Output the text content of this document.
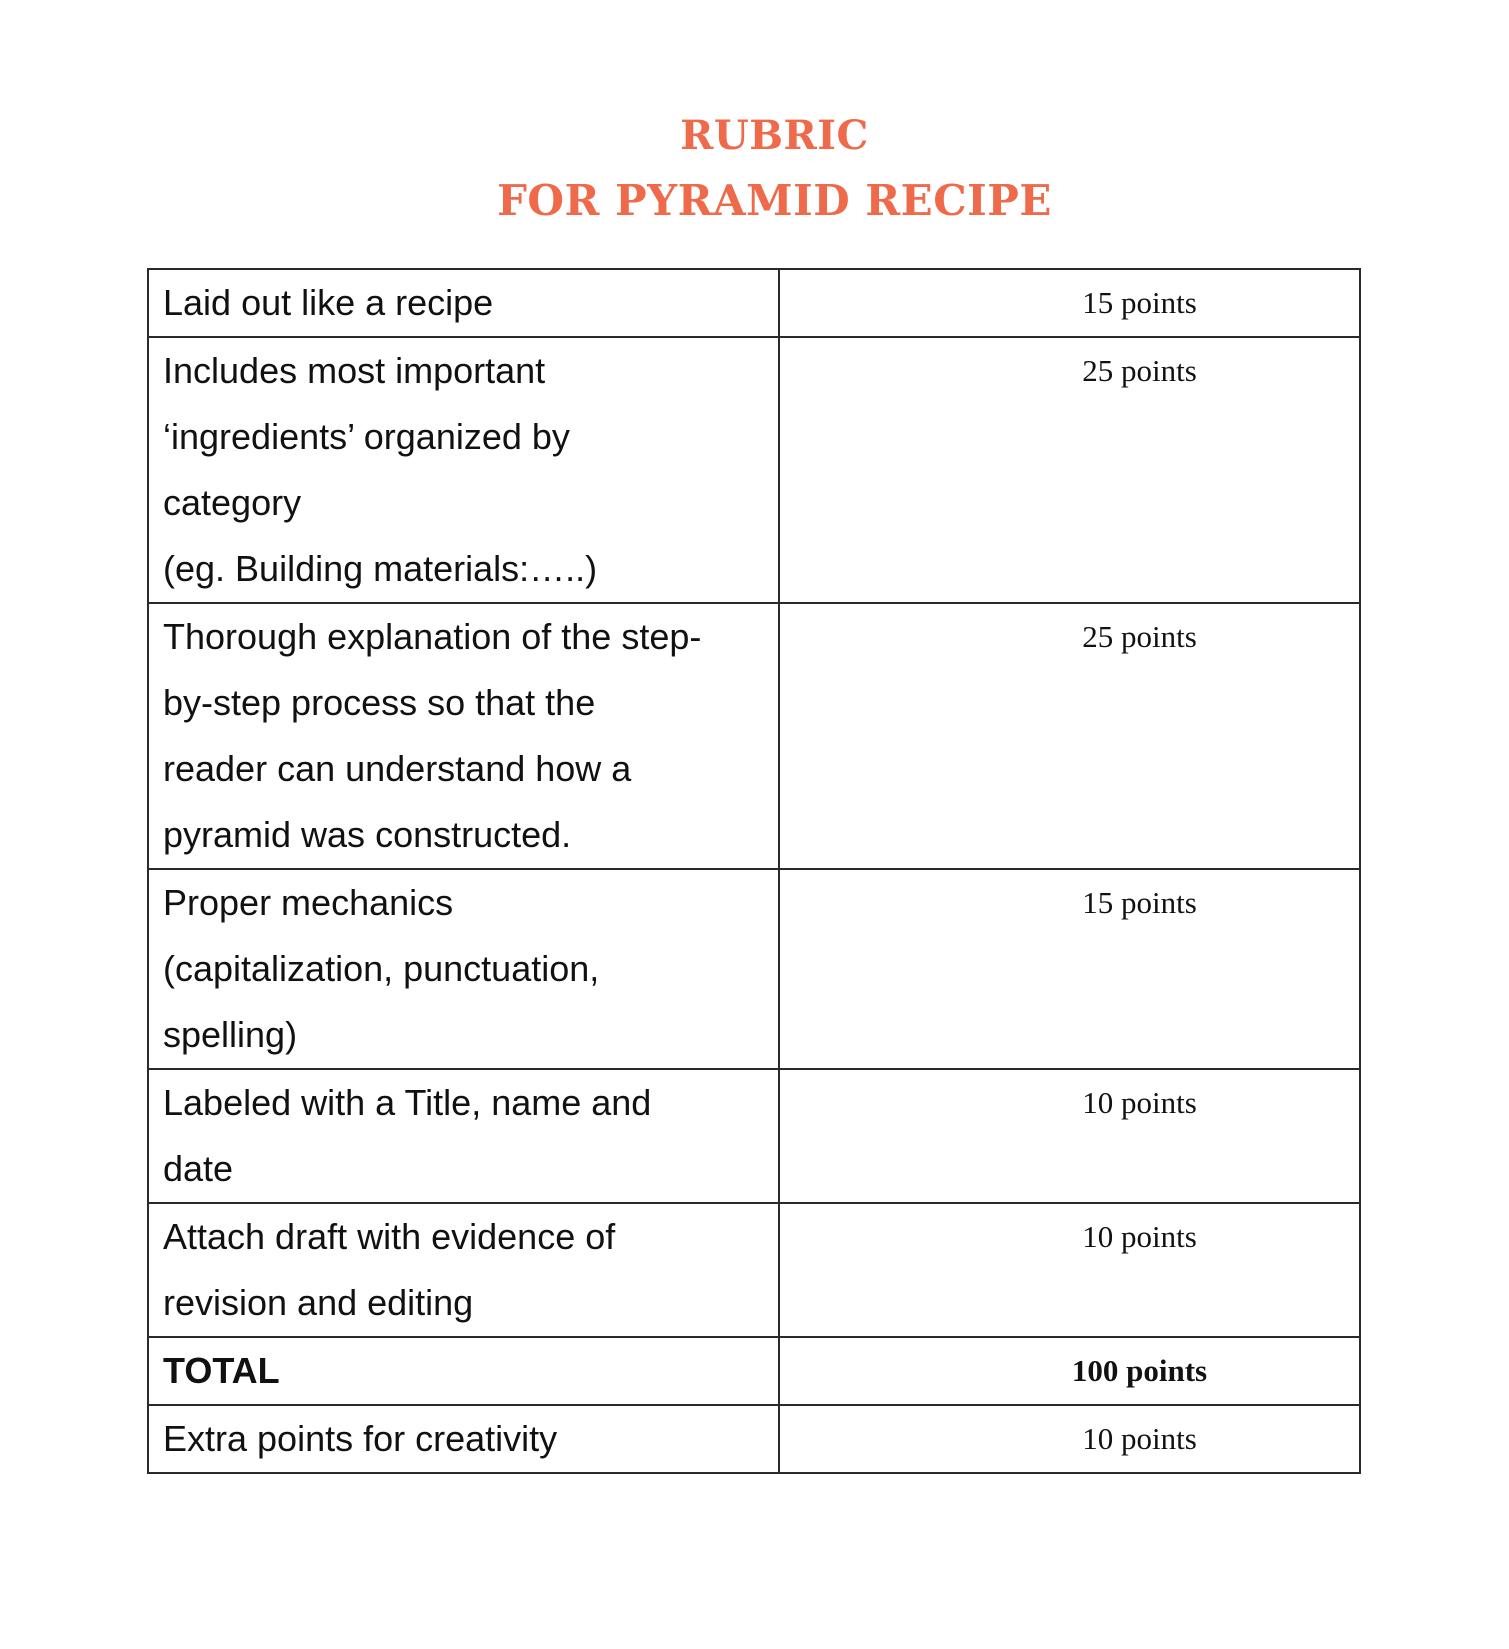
RUBRIC
FOR PYRAMID RECIPE
Laid out like a recipe	15 points

Includes most important
‘ingredients’ organized by
category
(eg. Building materials:…..)	25 points

Thorough explanation of the step-
by-step process so that the
reader can understand how a
pyramid was constructed.	25 points

Proper mechanics
(capitalization, punctuation,
spelling)	15 points

Labeled with a Title, name and
date	10 points

Attach draft with evidence of
revision and editing	10 points

TOTAL	100 points

Extra points for creativity	10 points
